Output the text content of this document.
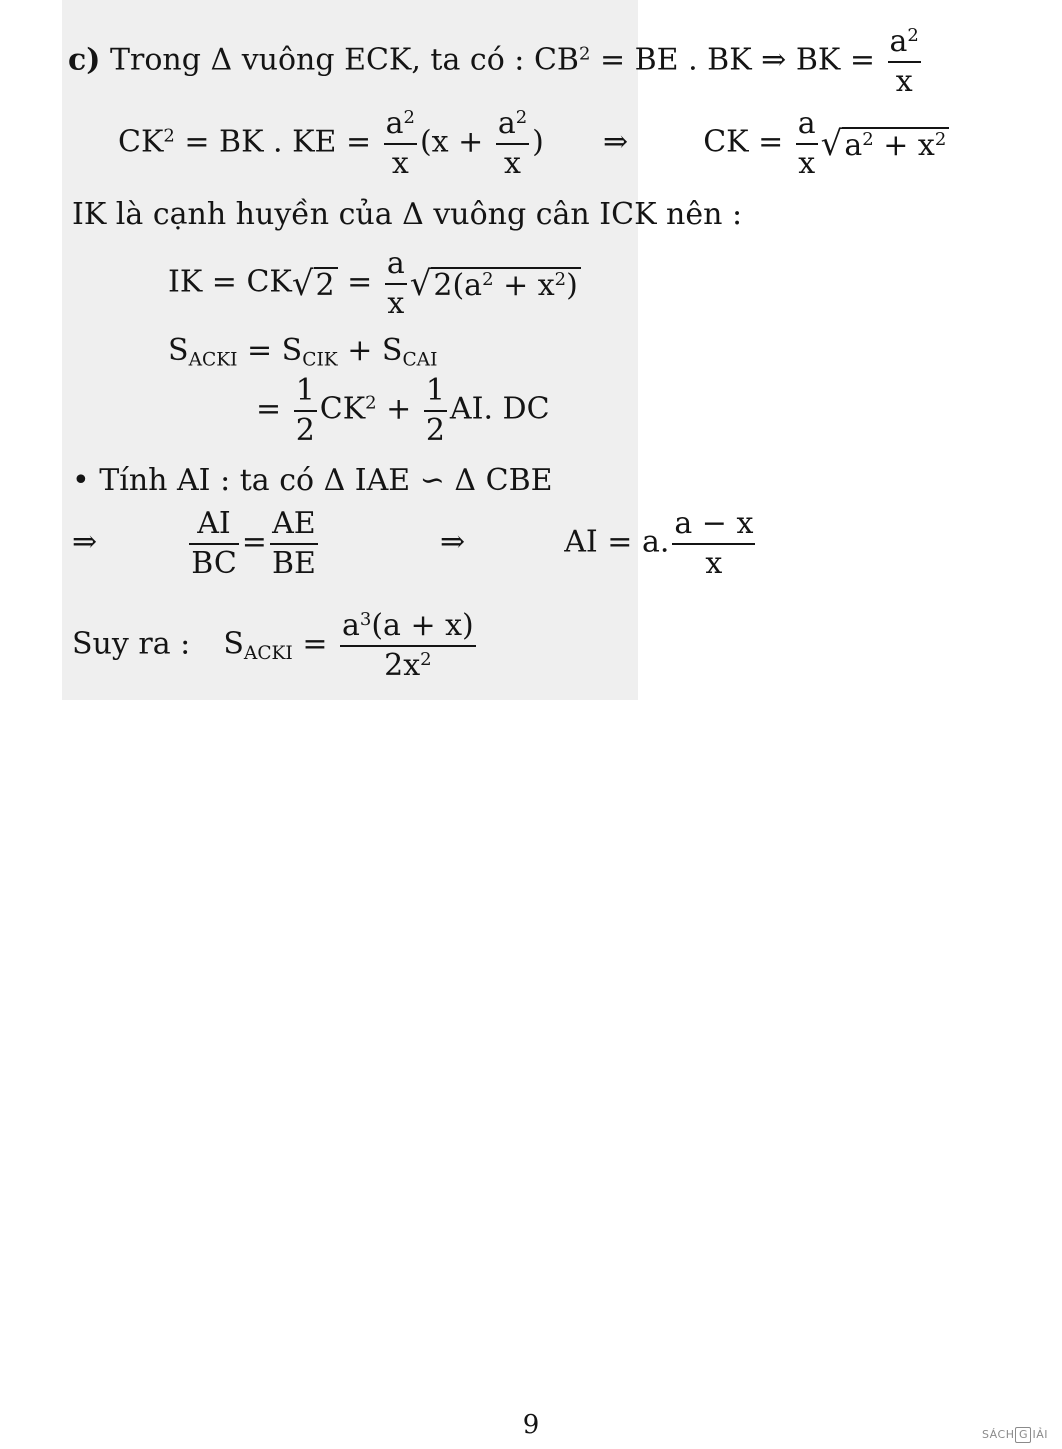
c) Trong Δ vuông ECK, ta có : $CB^2$ = BE . BK ⇒ BK = $\frac{a^2}{x}$
$CK^2$ = BK . KE = $\frac{a^2}{x} (x + \frac{a^2}{x}$ ) ⇒	CK = $\frac{a}{x}$ √ $a^2 + x^2$
IK là cạnh huyền của Δ vuông cân ICK nên :
IK = CK √ $2 = \frac{a}{x}$ √ $2(a^2 + x^2)$
$S_{ACKI} = S_{CIK} + S_{CAI}$
= $\frac{1}{2} CK^2 + \frac{1}{2}$ AI. DC
• Tính AI : ta có Δ IAE ∽ Δ CBE
⇒	$\frac{AI}{BC} = \frac{AE}{BE}$	⇒	AI = a. $\frac{a - x}{x}$
Suy ra : $S_{ACKI} = \frac{a^3(a + x)}{2x^2}$
9	SÁCH G IẢI
